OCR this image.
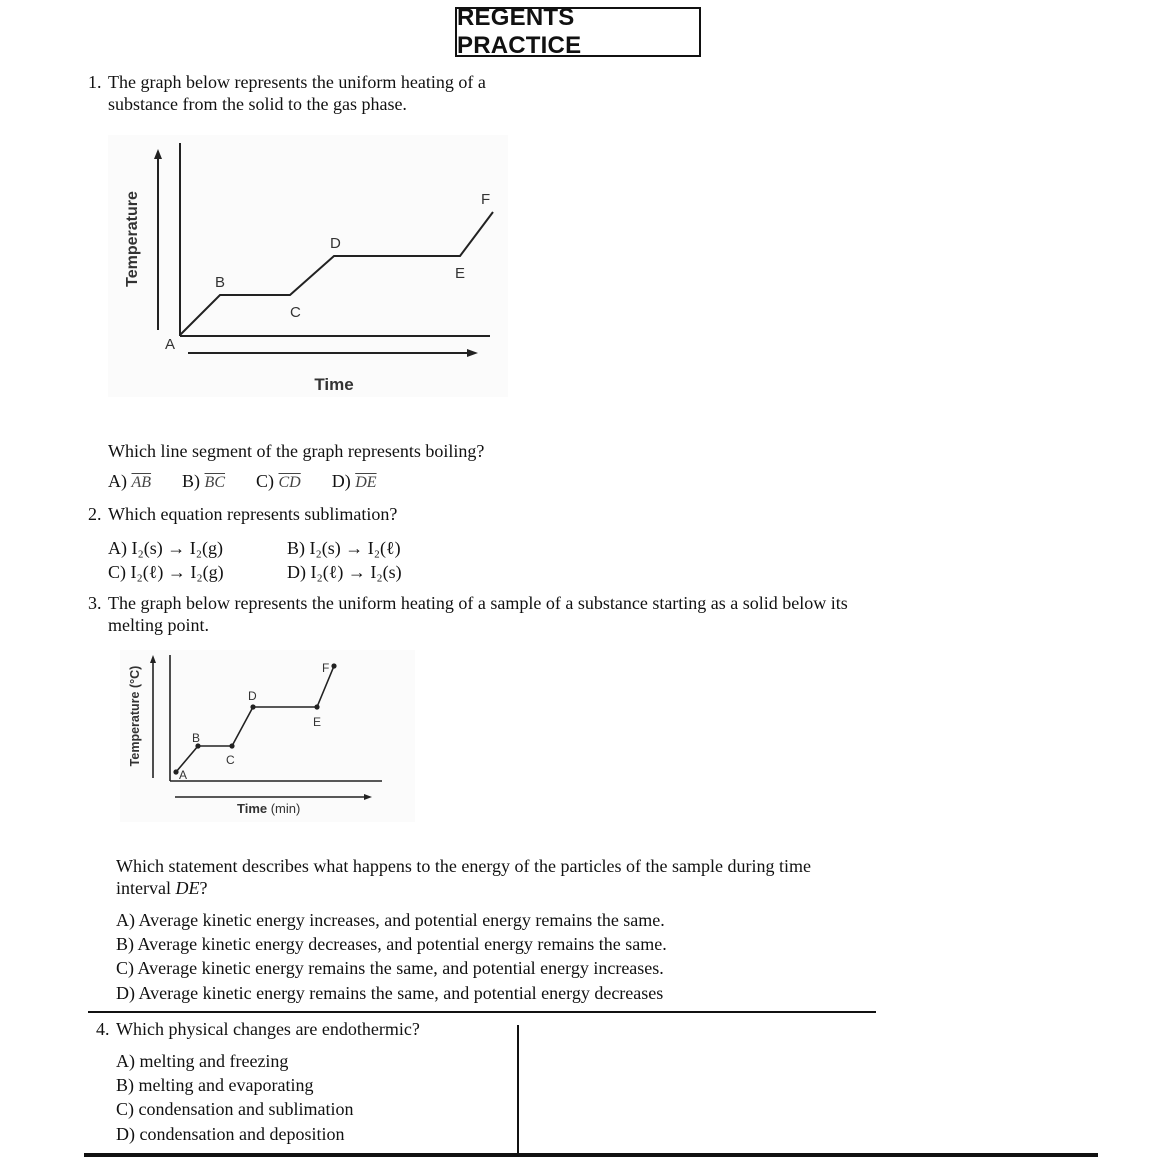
REGENTS PRACTICE
1. The graph below represents the uniform heating of a
substance from the solid to the gas phase.
A
B
C
D
E
F
Time
Temperature
Which line segment of the graph represents boiling?
A) $\overline{AB}$ B) $\overline{BC}$ C) $\overline{CD}$ D) $\overline{DE}$
2. Which equation represents sublimation?
A) I₂(s) → I₂(g)	B) I₂(s) → I₂(ℓ)
C) I₂(ℓ) → I₂(g)	D) I₂(ℓ) → I₂(s)
3. The graph below represents the uniform heating of a sample of a substance starting as a solid below its
melting point.
A
B
C
D
E
F
Time (min)
Temperature (°C)
Which statement describes what happens to the energy of the particles of the sample during time
interval DE?
A) Average kinetic energy increases, and potential energy remains the same.
B) Average kinetic energy decreases, and potential energy remains the same.
C) Average kinetic energy remains the same, and potential energy increases.
D) Average kinetic energy remains the same, and potential energy decreases
4. Which physical changes are endothermic?
A) melting and freezing
B) melting and evaporating
C) condensation and sublimation
D) condensation and deposition
